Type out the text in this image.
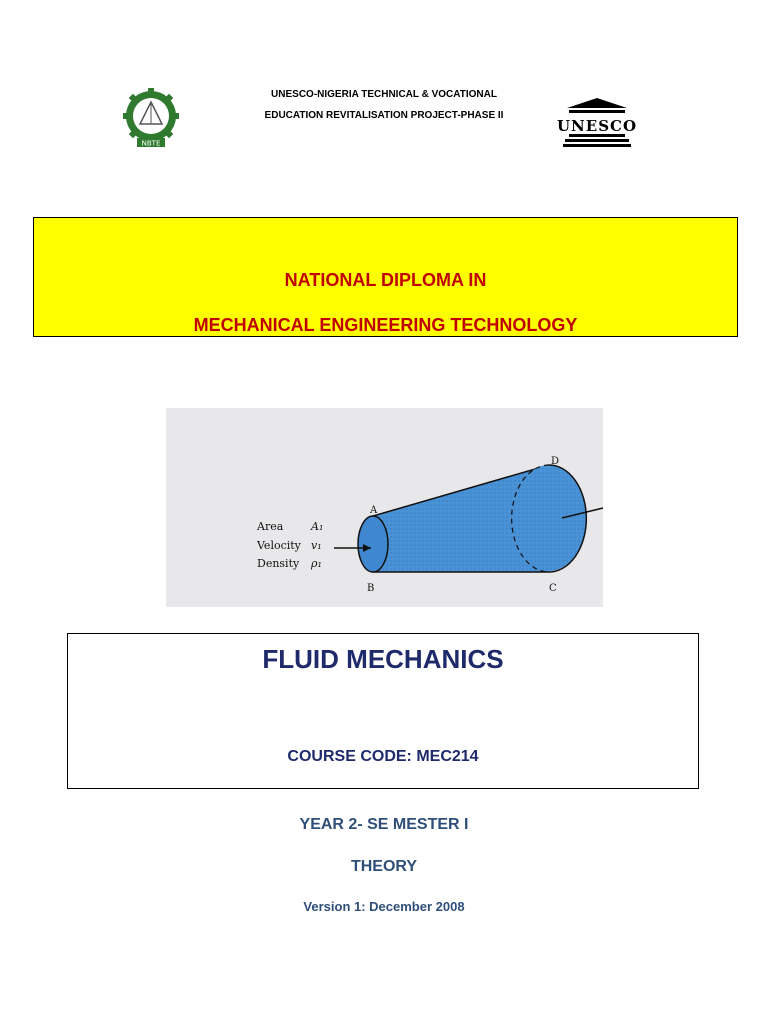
NBTE
UNESCO-NIGERIA TECHNICAL & VOCATIONAL
EDUCATION REVITALISATION PROJECT-PHASE II
UNESCO
NATIONAL DIPLOMA IN
MECHANICAL ENGINEERING TECHNOLOGY
A
B	C
D
Area
Velocity
Density
A₁
v₁
ρ₁
FLUID MECHANICS
COURSE CODE: MEC214
YEAR 2- SE MESTER I
THEORY
Version 1: December 2008
